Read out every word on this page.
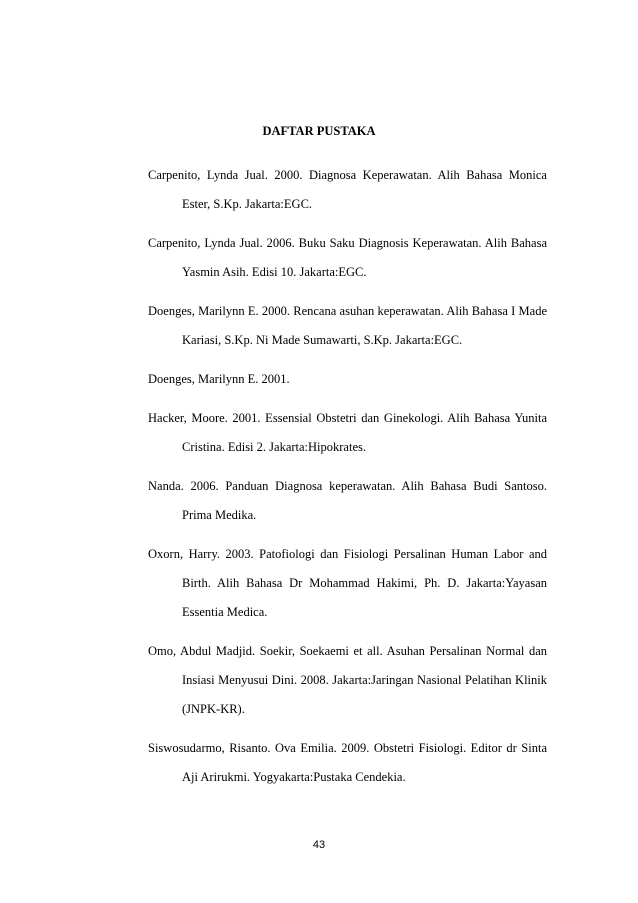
DAFTAR PUSTAKA
Carpenito, Lynda Jual. 2000. Diagnosa Keperawatan. Alih Bahasa Monica Ester, S.Kp. Jakarta:EGC.
Carpenito, Lynda Jual. 2006. Buku Saku Diagnosis Keperawatan. Alih Bahasa Yasmin Asih. Edisi 10. Jakarta:EGC.
Doenges, Marilynn E. 2000. Rencana asuhan keperawatan. Alih Bahasa I Made Kariasi, S.Kp. Ni Made Sumawarti, S.Kp. Jakarta:EGC.
Doenges, Marilynn E. 2001.
Hacker, Moore. 2001. Essensial Obstetri dan Ginekologi. Alih Bahasa Yunita Cristina. Edisi 2. Jakarta:Hipokrates.
Nanda. 2006. Panduan Diagnosa keperawatan. Alih Bahasa Budi Santoso. Prima Medika.
Oxorn, Harry. 2003. Patofiologi dan Fisiologi Persalinan Human Labor and Birth. Alih Bahasa Dr Mohammad Hakimi, Ph. D. Jakarta:Yayasan Essentia Medica.
Omo, Abdul Madjid. Soekir, Soekaemi et all. Asuhan Persalinan Normal dan Insiasi Menyusui Dini. 2008. Jakarta:Jaringan Nasional Pelatihan Klinik (JNPK-KR).
Siswosudarmo, Risanto. Ova Emilia. 2009. Obstetri Fisiologi. Editor dr Sinta Aji Arirukmi. Yogyakarta:Pustaka Cendekia.
43
